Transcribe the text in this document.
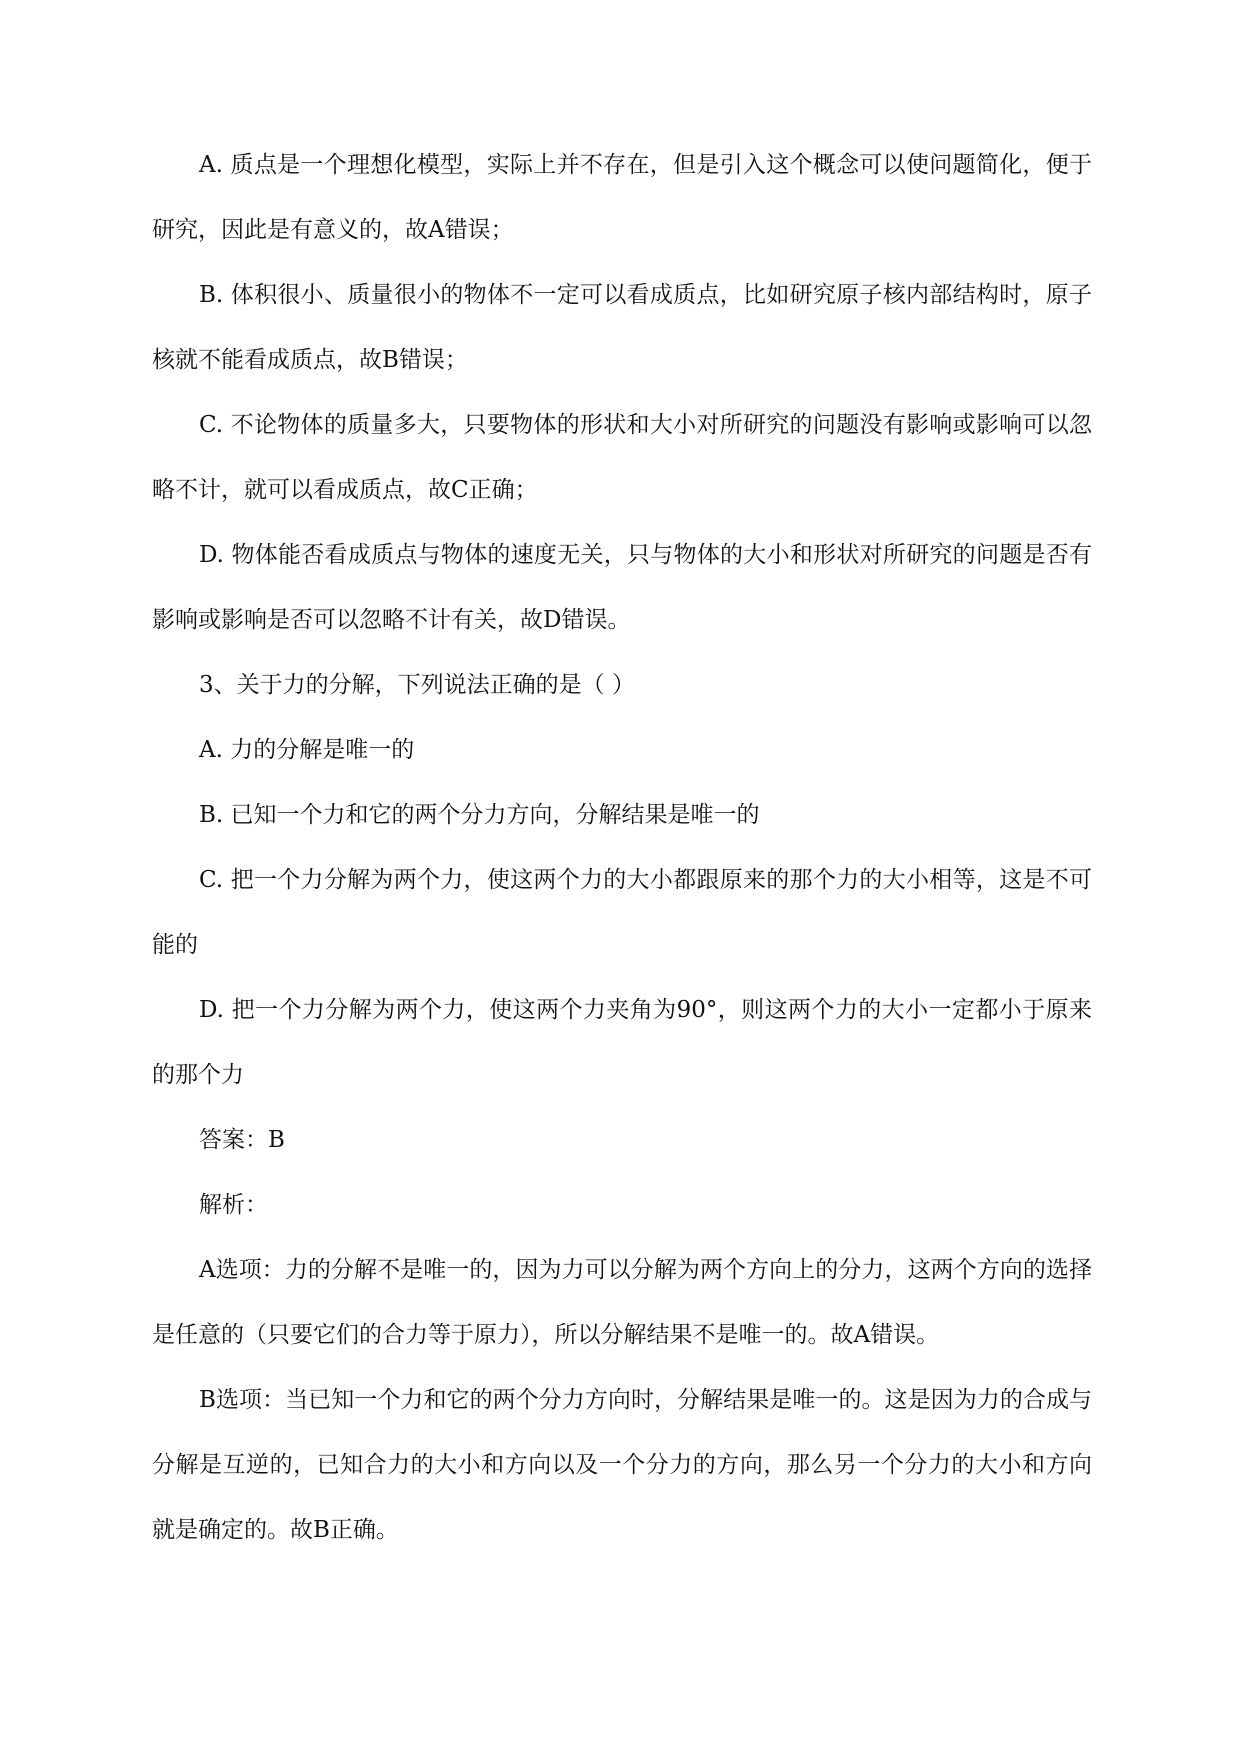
A. 质点是一个理想化模型，实际上并不存在，但是引入这个概念可以使问题简化，便于研究，因此是有意义的，故A错误；

B. 体积很小、质量很小的物体不一定可以看成质点，比如研究原子核内部结构时，原子核就不能看成质点，故B错误；

C. 不论物体的质量多大，只要物体的形状和大小对所研究的问题没有影响或影响可以忽略不计，就可以看成质点，故C正确；

D. 物体能否看成质点与物体的速度无关，只与物体的大小和形状对所研究的问题是否有影响或影响是否可以忽略不计有关，故D错误。

3、关于力的分解，下列说法正确的是（ ）

A. 力的分解是唯一的

B. 已知一个力和它的两个分力方向，分解结果是唯一的

C. 把一个力分解为两个力，使这两个力的大小都跟原来的那个力的大小相等，这是不可能的

D. 把一个力分解为两个力，使这两个力夹角为90°，则这两个力的大小一定都小于原来的那个力

答案：B

解析：

A选项：力的分解不是唯一的，因为力可以分解为两个方向上的分力，这两个方向的选择是任意的（只要它们的合力等于原力），所以分解结果不是唯一的。故A错误。

B选项：当已知一个力和它的两个分力方向时，分解结果是唯一的。这是因为力的合成与分解是互逆的，已知合力的大小和方向以及一个分力的方向，那么另一个分力的大小和方向就是确定的。故B正确。
